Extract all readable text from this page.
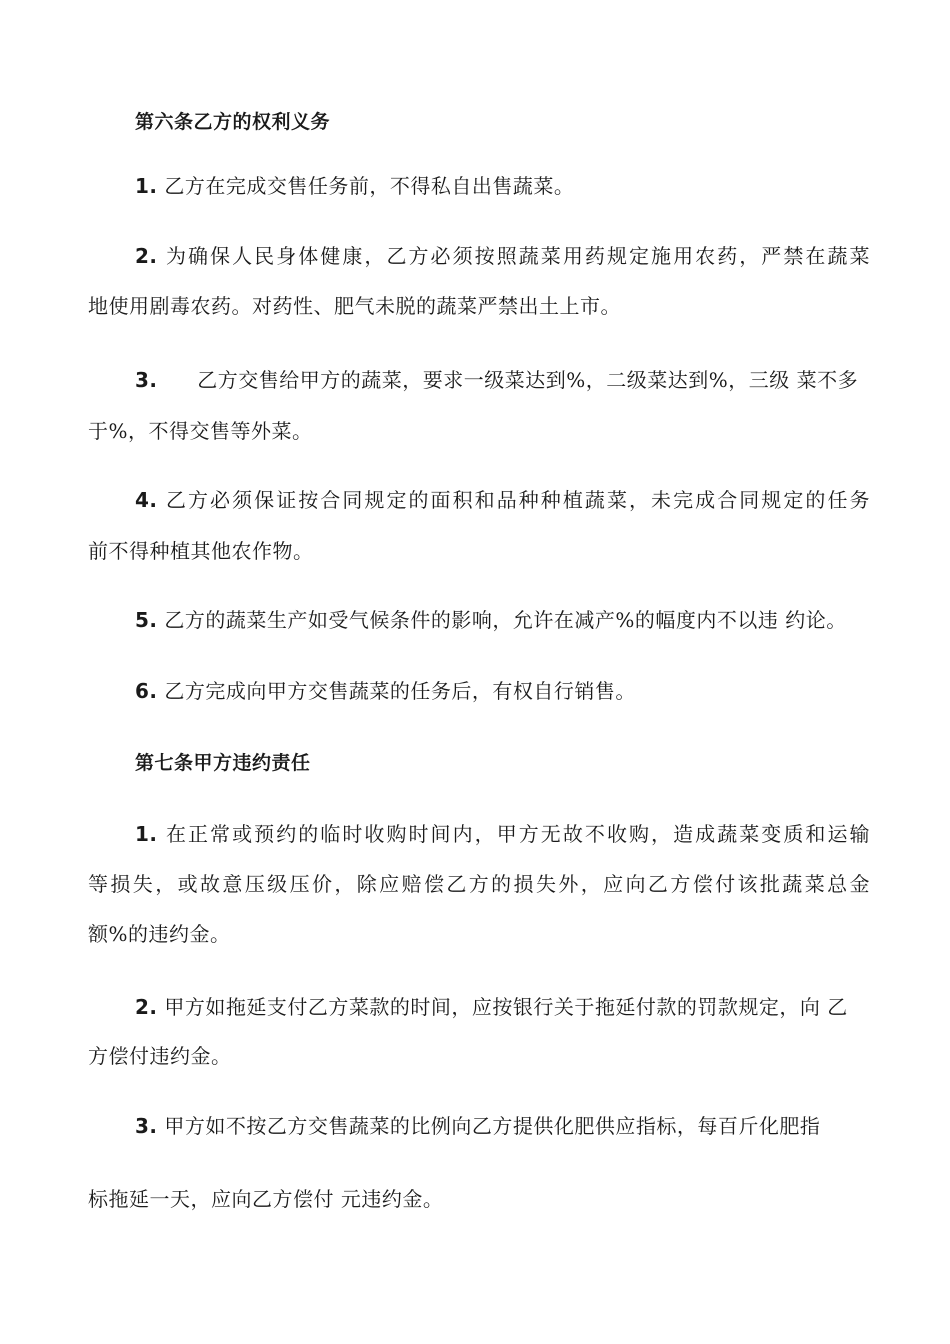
第六条乙方的权利义务
1. 乙方在完成交售任务前，不得私自出售蔬菜。
2. 为确保人民身体健康，乙方必须按照蔬菜用药规定施用农药，严禁在蔬菜
地使用剧毒农药。对药性、肥气未脱的蔬菜严禁出土上市。
3. 乙方交售给甲方的蔬菜，要求一级菜达到%，二级菜达到%，三级 菜不多
于%，不得交售等外菜。
4. 乙方必须保证按合同规定的面积和品种种植蔬菜，未完成合同规定的任务
前不得种植其他农作物。
5. 乙方的蔬菜生产如受气候条件的影响，允许在减产%的幅度内不以违 约论。
6. 乙方完成向甲方交售蔬菜的任务后，有权自行销售。
第七条甲方违约责任
1. 在正常或预约的临时收购时间内，甲方无故不收购，造成蔬菜变质和运输
等损失，或故意压级压价，除应赔偿乙方的损失外，应向乙方偿付该批蔬菜总金
额%的违约金。
2. 甲方如拖延支付乙方菜款的时间，应按银行关于拖延付款的罚款规定，向 乙
方偿付违约金。
3. 甲方如不按乙方交售蔬菜的比例向乙方提供化肥供应指标，每百斤化肥指
标拖延一天，应向乙方偿付 元违约金。
